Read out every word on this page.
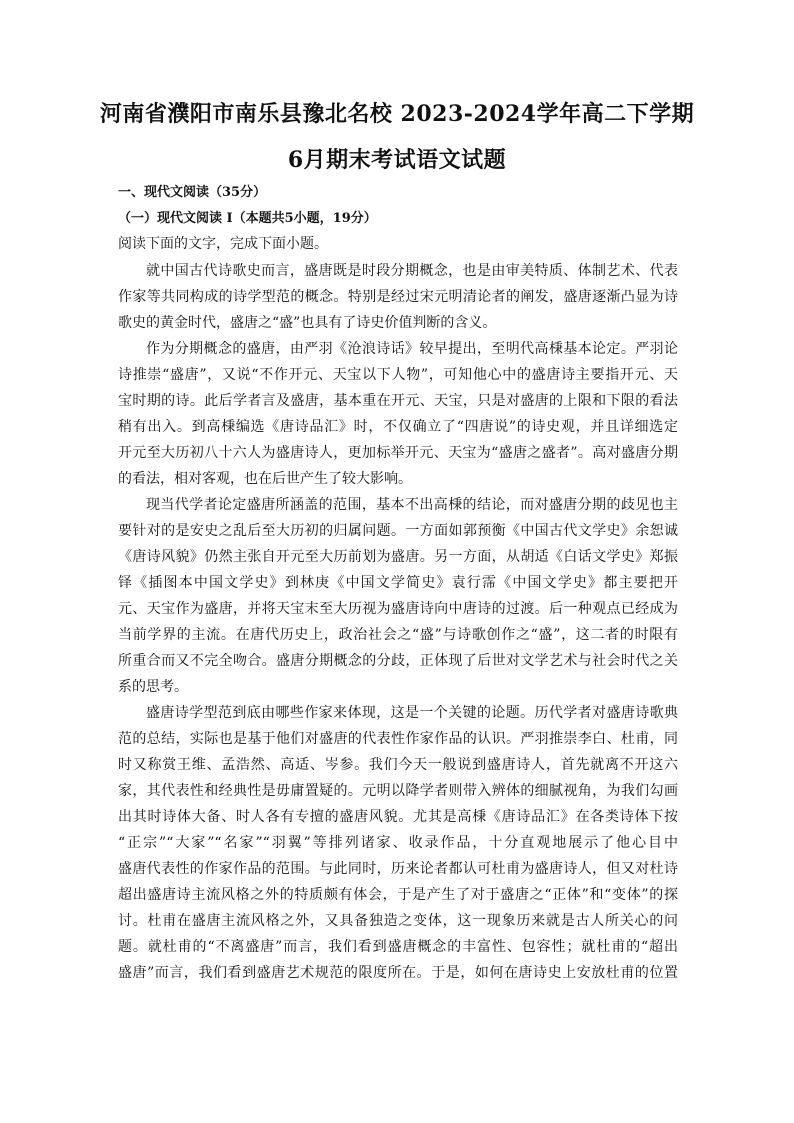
河南省濮阳市南乐县豫北名校 2023-2024学年高二下学期
6月期末考试语文试题
一、现代文阅读（35分）
（一）现代文阅读 I（本题共5小题，19分）
阅读下面的文字，完成下面小题。
就中国古代诗歌史而言，盛唐既是时段分期概念，也是由审美特质、体制艺术、代表
作家等共同构成的诗学型范的概念。特别是经过宋元明清论者的阐发，盛唐逐渐凸显为诗
歌史的黄金时代，盛唐之“盛”也具有了诗史价值判断的含义。
作为分期概念的盛唐，由严羽《沧浪诗话》较早提出，至明代高棅基本论定。严羽论
诗推崇“盛唐”，又说“不作开元、天宝以下人物”，可知他心中的盛唐诗主要指开元、天
宝时期的诗。此后学者言及盛唐，基本重在开元、天宝，只是对盛唐的上限和下限的看法
稍有出入。到高棅编选《唐诗品汇》时，不仅确立了“四唐说”的诗史观，并且详细选定
开元至大历初八十六人为盛唐诗人，更加标举开元、天宝为“盛唐之盛者”。高对盛唐分期
的看法，相对客观，也在后世产生了较大影响。
现当代学者论定盛唐所涵盖的范围，基本不出高棅的结论，而对盛唐分期的歧见也主
要针对的是安史之乱后至大历初的归属问题。一方面如郭预衡《中国古代文学史》余恕诚
《唐诗风貌》仍然主张自开元至大历前划为盛唐。另一方面，从胡适《白话文学史》郑振
铎《插图本中国文学史》到林庚《中国文学简史》袁行霈《中国文学史》都主要把开
元、天宝作为盛唐，并将天宝末至大历视为盛唐诗向中唐诗的过渡。后一种观点已经成为
当前学界的主流。在唐代历史上，政治社会之“盛”与诗歌创作之“盛”，这二者的时限有
所重合而又不完全吻合。盛唐分期概念的分歧，正体现了后世对文学艺术与社会时代之关
系的思考。
盛唐诗学型范到底由哪些作家来体现，这是一个关键的论题。历代学者对盛唐诗歌典
范的总结，实际也是基于他们对盛唐的代表性作家作品的认识。严羽推崇李白、杜甫，同
时又称赏王维、孟浩然、高适、岑参。我们今天一般说到盛唐诗人，首先就离不开这六
家，其代表性和经典性是毋庸置疑的。元明以降学者则带入辨体的细腻视角，为我们勾画
出其时诗体大备、时人各有专擅的盛唐风貌。尤其是高棅《唐诗品汇》在各类诗体下按
“正宗”“大家”“名家”“羽翼”等排列诸家、收录作品，十分直观地展示了他心目中
盛唐代表性的作家作品的范围。与此同时，历来论者都认可杜甫为盛唐诗人，但又对杜诗
超出盛唐诗主流风格之外的特质颇有体会，于是产生了对于盛唐之“正体”和“变体”的探
讨。杜甫在盛唐主流风格之外，又具备独造之变体，这一现象历来就是古人所关心的问
题。就杜甫的“不离盛唐”而言，我们看到盛唐概念的丰富性、包容性；就杜甫的“超出
盛唐”而言，我们看到盛唐艺术规范的限度所在。于是，如何在唐诗史上安放杜甫的位置
